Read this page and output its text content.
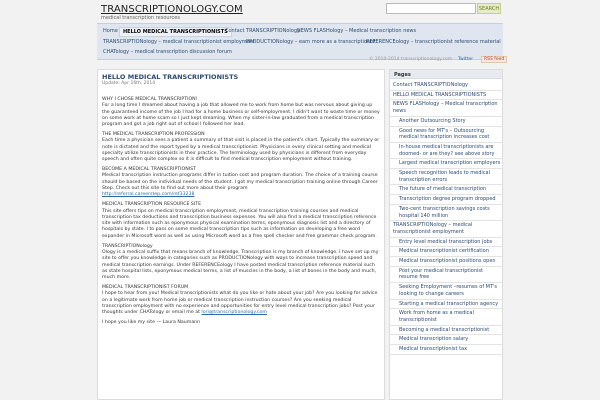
TRANSCRIPTIONOLOGY.COM
medical transcription resources
SEARCH
Home	HELLO MEDICAL TRANSCRIPTIONISTS
Contact TRANSCRIPTIONology
NEWS FLASHology – Medical transcription news
TRANSCRIPTIONology – medical transcriptionist employment
PRODUCTIONology – earn more as a transcriptionist
REFERENCEology – transcriptionist reference material
CHATology – medical transcription discussion forum
© 2010-2014 transcriptionology.com Twitter	RSS feed
HELLO MEDICAL TRANSCRIPTIONISTS
Update: Apr 16th, 2014

WHY I CHOSE MEDICAL TRANSCRIPTION!
For a long time I dreamed about having a job that allowed me to work from home but was nervous about giving up the guaranteed income of the job I had for a home business or self-employment. I didn't want to waste time or money on some work at home scam so I just kept dreaming. When my sister-in-law graduated from a medical transcription program and got a job right out of school I followed her lead.

THE MEDICAL TRANSCRIPTION PROFESSION
Each time a physician sees a patient a summary of that visit is placed in the patient's chart. Typically the summary or note is dictated and the report typed by a medical transcriptionist. Physicians in every clinical setting and medical specialty utilize transcriptionists in their practice. The terminology used by physicians is different from everyday speech and often quite complex so it is difficult to find medical transcription employment without training.

BECOME A MEDICAL TRANSCRIPTIONIST
Medical transcription instruction programs differ in tuition cost and program duration. The choice of a training course should be based on the individual needs of the student. I got my medical transcription training online through Career Step. Check out this site to find out more about their program
http://referral.careerstep.com/ref33238

MEDICAL TRANSCRIPTION RESOURCE SITE
This site offers tips on medical transcription employment, medical transcription training courses and medical transcription tax deductions and transcription business expenses. You will also find a medical transcription reference site with information such as eponymous physical examination terms, eponymous diagnosis list and a directory of hospitals by state. I to pass on some medical transcription tips such as information on developing a free word expander in Microsoft word as well as using Microsoft word as a free spell checker and free grammar check program.

TRANSCRIPTIONology
Ology is a medical suffix that means branch of knowledge. Transcription is my branch of knowledge. I have set up my site to offer you knowledge in categories such as PRODUCTIONology with ways to increase transcription speed and medical transcription earnings. Under REFERENCEology I have posted medical transcription reference material such as state hospital lists, eponymous medical terms, a list of muscles in the body, a list of bones in the body and much, much more.

MEDICAL TRANSCRIPTIONIST FORUM
I hope to hear from you! Medical transcriptionists what do you like or hate about your job? Are you looking for advice on a legitimate work from home job or medical transcription instruction courses? Are you seeking medical transcription employment with no experience and opportunities for entry level medical transcription jobs? Post your thoughts under CHATology or email me at lori@transcriptionology.com

I hope you like my site — Laura Naumann

Pages
Contact TRANSCRIPTIONology
HELLO MEDICAL TRANSCRIPTIONISTS
NEWS FLASHology – Medical transcription news
Another Outsourcing Story
Good news for MT's – Outsourcing medical transcription increases cost
In-house medical transcriptionists are doomed- or are they? see above story
Largest medical transcription employers
Speech recognition leads to medical transcription errors
The future of medical transcription
Transcription degree program dropped
Two-cent transcription savings costs hospital 140 million
TRANSCRIPTIONology – medical transcriptionist employment
Entry level medical transcription jobs
Medical transcriptionist certification
Medical transcriptionist positions open
Post your medical transcriptionist resume free
Seeking Employment –resumes of MT's looking to change careers
Starting a medical transcription agency
Work from home as a medical transcriptionist
Becoming a medical transcriptionist
Medical transcription salary
Medical transcriptionist tax
